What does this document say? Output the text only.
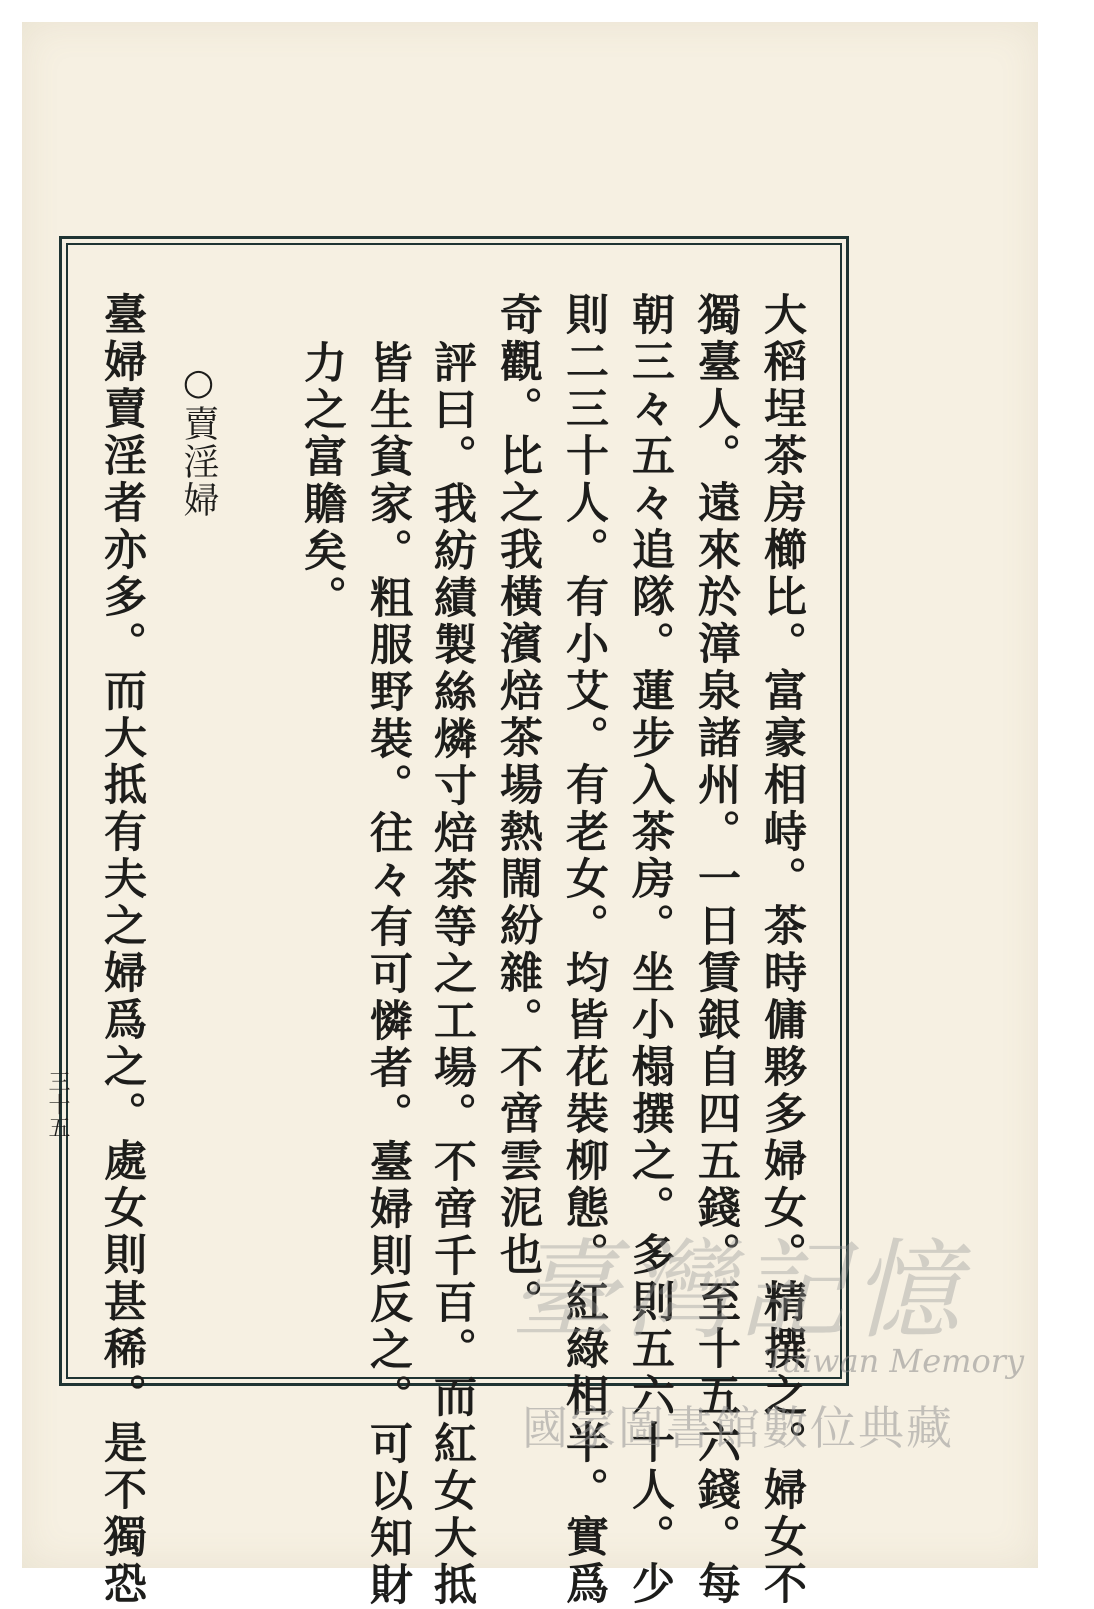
大稻埕茶房櫛比。富豪相峙。茶時傭夥多婦女。精撰之。婦女不
獨臺人。遠來於漳泉諸州。一日賃銀自四五錢。至十五六錢。每
朝三々五々追隊。蓮步入茶房。坐小榻撰之。多則五六十人。少
則二三十人。有小艾。有老女。均皆花裝柳態。紅綠相半。實爲
奇觀。比之我橫濱焙茶場熱閙紛雜。不啻雲泥也。
評曰。我紡績製絲燐寸焙茶等之工場。不啻千百。而紅女大抵
皆生貧家。粗服野裝。往々有可憐者。臺婦則反之。可以知財
力之富贍矣。
○賣淫婦
臺婦賣淫者亦多。而大抵有夫之婦爲之。處女則甚稀。是不獨恐
三十五
臺灣記憶
Taiwan Memory
國家圖書館數位典藏
